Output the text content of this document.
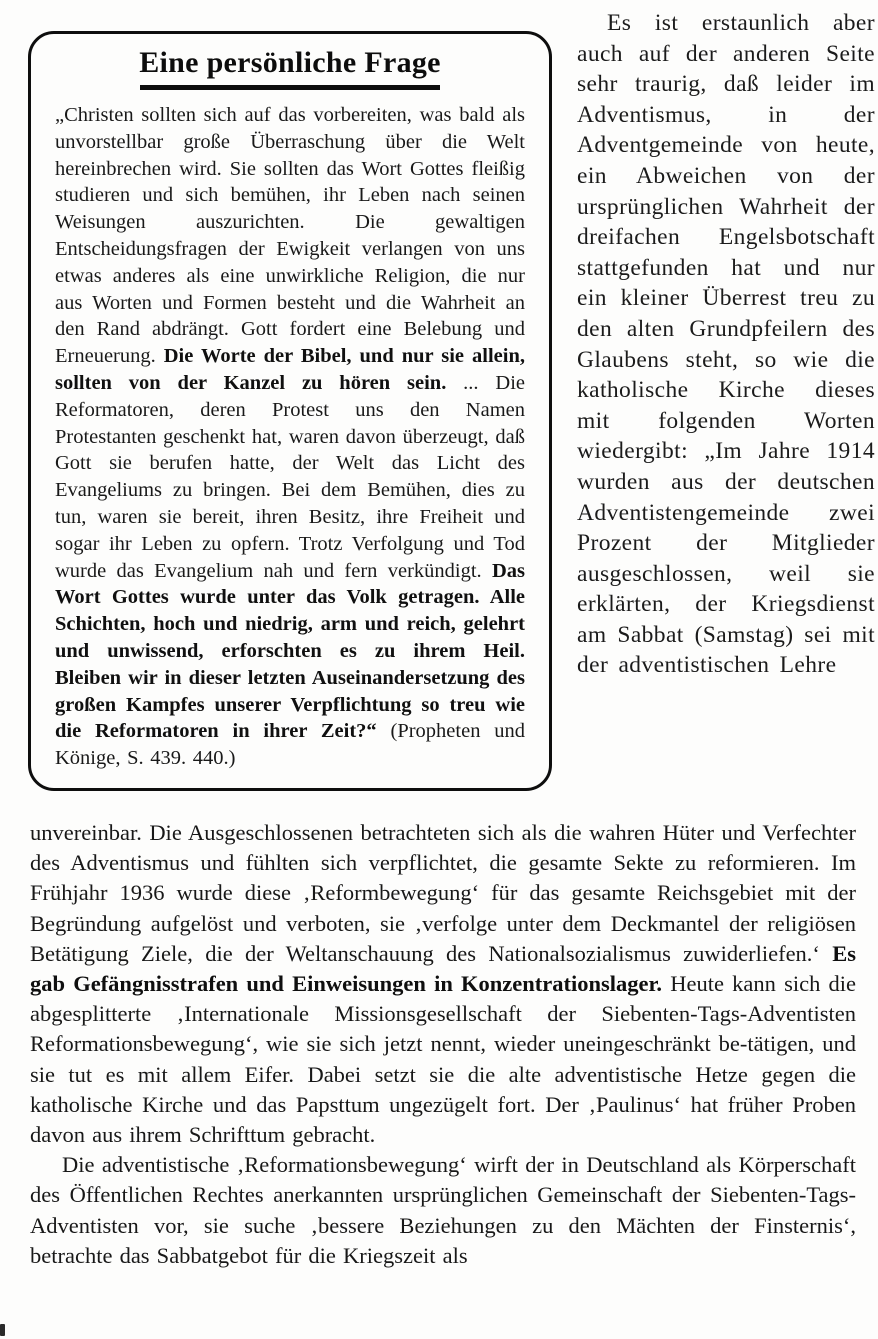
Eine persönliche Frage

„Christen sollten sich auf das vorbereiten, was bald als unvorstellbar große Überraschung über die Welt hereinbrechen wird. Sie sollten das Wort Gottes fleißig studieren und sich bemühen, ihr Leben nach seinen Weisungen auszurichten. Die gewaltigen Entscheidungsfragen der Ewigkeit verlangen von uns etwas anderes als eine unwirkliche Religion, die nur aus Worten und Formen besteht und die Wahrheit an den Rand abdrängt. Gott fordert eine Belebung und Erneuerung. Die Worte der Bibel, und nur sie allein, sollten von der Kanzel zu hören sein. ... Die Reformatoren, deren Protest uns den Namen Protestanten geschenkt hat, waren davon überzeugt, daß Gott sie berufen hatte, der Welt das Licht des Evangeliums zu bringen. Bei dem Bemühen, dies zu tun, waren sie bereit, ihren Besitz, ihre Freiheit und sogar ihr Leben zu opfern. Trotz Verfolgung und Tod wurde das Evangelium nah und fern verkündigt. Das Wort Gottes wurde unter das Volk getragen. Alle Schichten, hoch und niedrig, arm und reich, gelehrt und unwissend, erforschten es zu ihrem Heil. Bleiben wir in dieser letzten Auseinandersetzung des großen Kampfes unserer Verpflichtung so treu wie die Reformatoren in ihrer Zeit?“ (Propheten und Könige, S. 439. 440.)

Es ist erstaunlich aber auch auf der anderen Seite sehr traurig, daß leider im Adventismus, in der Adventgemeinde von heute, ein Abweichen von der ursprünglichen Wahrheit der dreifachen Engelsbotschaft stattgefunden hat und nur ein kleiner Überrest treu zu den alten Grundpfeilern des Glaubens steht, so wie die katholische Kirche dieses mit folgenden Worten wiedergibt: „Im Jahre 1914 wurden aus der deutschen Adventistengemeinde zwei Prozent der Mitglieder ausgeschlossen, weil sie erklärten, der Kriegsdienst am Sabbat (Samstag) sei mit der adventistischen Lehre

unvereinbar. Die Ausgeschlossenen betrachteten sich als die wahren Hüter und Verfechter des Adventismus und fühlten sich verpflichtet, die gesamte Sekte zu reformieren. Im Frühjahr 1936 wurde diese ‚Reformbewegung‘ für das gesamte Reichsgebiet mit der Begründung aufgelöst und verboten, sie ‚verfolge unter dem Deckmantel der religiösen Betätigung Ziele, die der Weltanschauung des Nationalsozialismus zuwiderliefen.‘ Es gab Gefängnisstrafen und Einweisungen in Konzentrationslager. Heute kann sich die abgesplitterte ‚Internationale Missionsgesellschaft der Siebenten-Tags-Adventisten Reformationsbewegung‘, wie sie sich jetzt nennt, wieder uneingeschränkt be-tätigen, und sie tut es mit allem Eifer. Dabei setzt sie die alte adventistische Hetze gegen die katholische Kirche und das Papsttum ungezügelt fort. Der ‚Paulinus‘ hat früher Proben davon aus ihrem Schrifttum gebracht.

Die adventistische ‚Reformationsbewegung‘ wirft der in Deutschland als Körperschaft des Öffentlichen Rechtes anerkannten ursprünglichen Gemeinschaft der Siebenten-Tags-Adventisten vor, sie suche ‚bessere Beziehungen zu den Mächten der Finsternis‘, betrachte das Sabbatgebot für die Kriegszeit als
